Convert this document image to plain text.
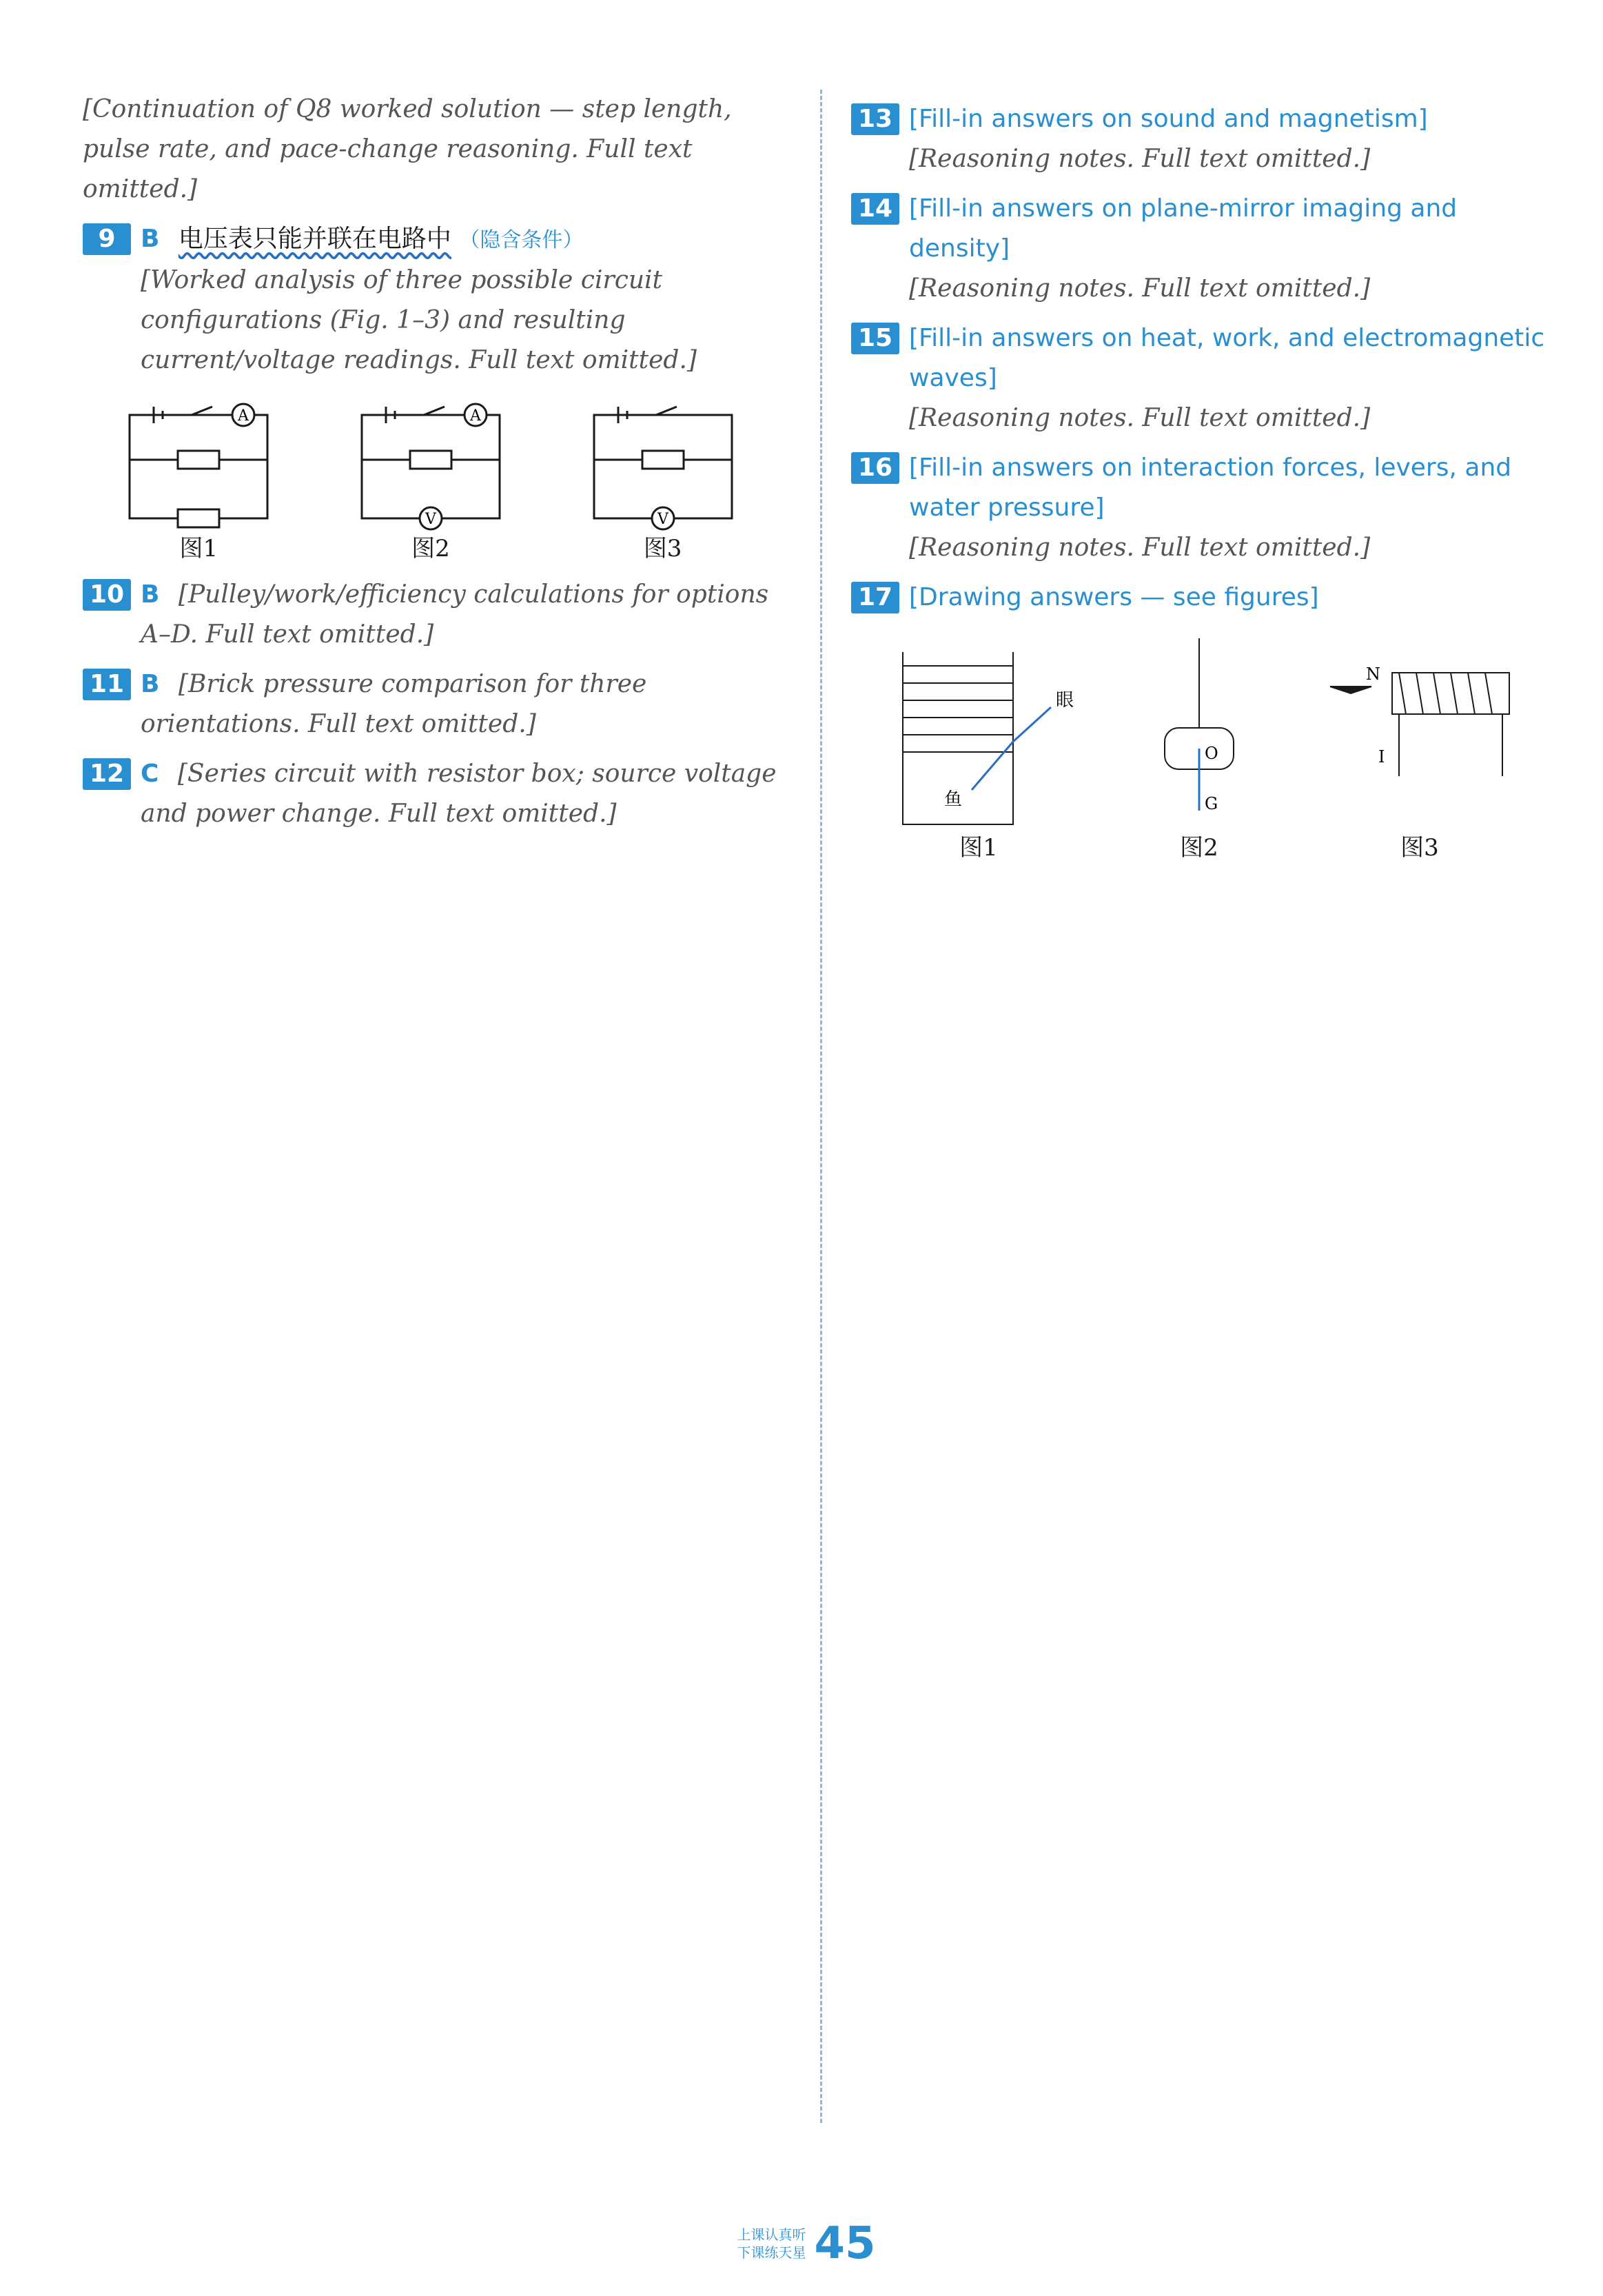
[Continuation of Q8 worked solution — step length, pulse rate, and pace-change reasoning. Full text omitted.]

9	B 电压表只能并联在电路中 （隐含条件）

[Worked analysis of three possible circuit configurations (Fig. 1–3) and resulting current/voltage readings. Full text omitted.]

A
图1
A
V
图2
V
图3
10 B [Pulley/work/efficiency calculations for options A–D. Full text omitted.]
11 B [Brick pressure comparison for three orientations. Full text omitted.]
12 C [Series circuit with resistor box; source voltage and power change. Full text omitted.]
13 [Fill-in answers on sound and magnetism]
[Reasoning notes. Full text omitted.]
14 [Fill-in answers on plane-mirror imaging and density]
[Reasoning notes. Full text omitted.]
15 [Fill-in answers on heat, work, and electromagnetic waves]
[Reasoning notes. Full text omitted.]
16 [Fill-in answers on interaction forces, levers, and water pressure]
[Reasoning notes. Full text omitted.]
17 [Drawing answers — see figures]
眼
鱼
图1
O
G
图2
N
I
图3
上课认真听
下课练天星 45
